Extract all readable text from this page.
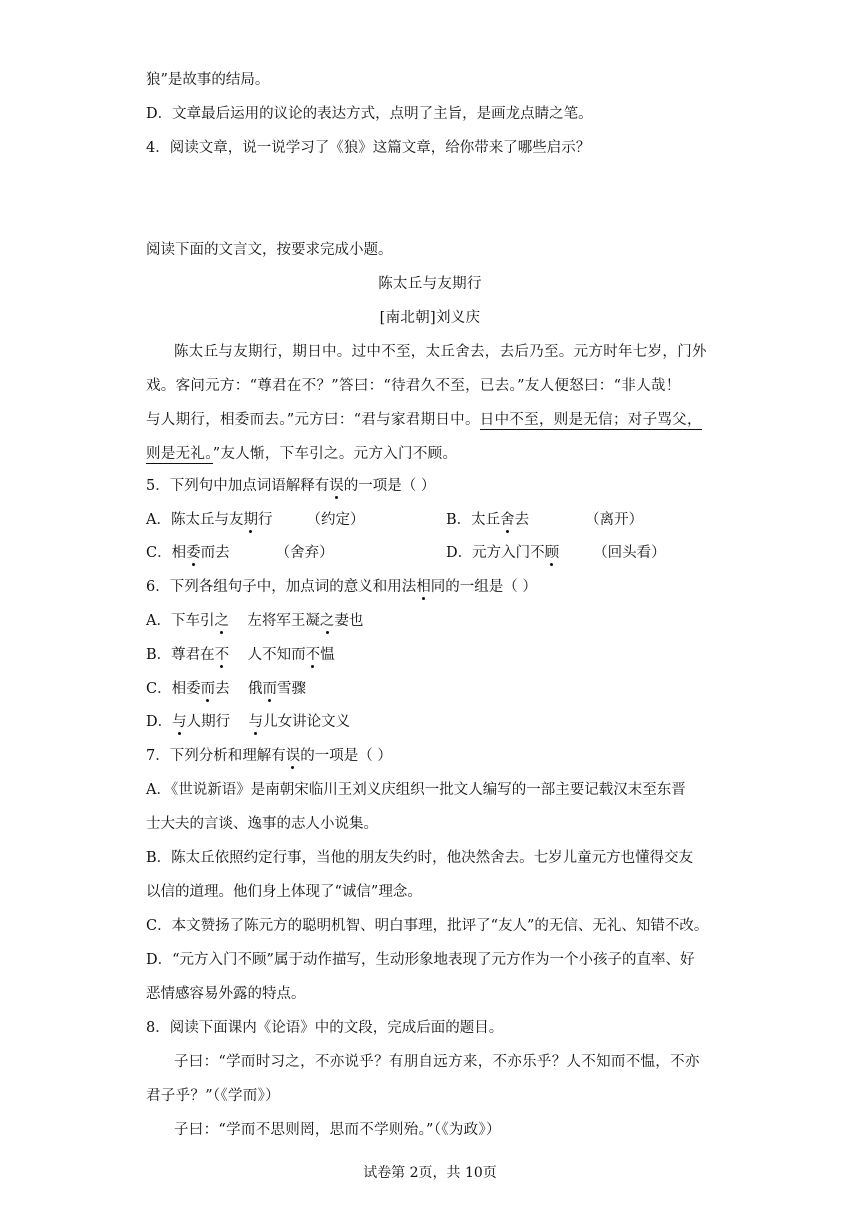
狼”是故事的结局。
D．文章最后运用的议论的表达方式，点明了主旨，是画龙点睛之笔。
4．阅读文章，说一说学习了《狼》这篇文章，给你带来了哪些启示？
阅读下面的文言文，按要求完成小题。
陈太丘与友期行
[南北朝]刘义庆
陈太丘与友期行，期日中。过中不至，太丘舍去，去后乃至。元方时年七岁，门外
戏。客问元方：“尊君在不？”答曰：“待君久不至，已去。”友人便怒曰：“非人哉！
与人期行，相委而去。”元方曰：“君与家君期日中。日中不至，则是无信；对子骂父，
则是无礼。”友人惭，下车引之。元方入门不顾。
5．下列句中加点词语解释有误的一项是（ ）
A．陈太丘与友期行 （约定）	B．太丘舍去	（离开）
C．相委而去	（舍弃）	D．元方入门不顾 （回头看）
6．下列各组句子中，加点词的意义和用法相同的一组是（ ）
A．下车引之    左将军王凝之妻也
B．尊君在不    人不知而不愠
C．相委而去    俄而雪骤
D．与人期行    与儿女讲论文义
7．下列分析和理解有误的一项是（ ）
A．《世说新语》是南朝宋临川王刘义庆组织一批文人编写的一部主要记载汉末至东晋
士大夫的言谈、逸事的志人小说集。
B．陈太丘依照约定行事，当他的朋友失约时，他决然舍去。七岁儿童元方也懂得交友
以信的道理。他们身上体现了“诚信”理念。
C．本文赞扬了陈元方的聪明机智、明白事理，批评了“友人”的无信、无礼、知错不改。
D．“元方入门不顾”属于动作描写，生动形象地表现了元方作为一个小孩子的直率、好
恶情感容易外露的特点。
8．阅读下面课内《论语》中的文段，完成后面的题目。
子曰：“学而时习之，不亦说乎？有朋自远方来，不亦乐乎？人不知而不愠，不亦
君子乎？”（《学而》）
子曰：“学而不思则罔，思而不学则殆。”（《为政》）
试卷第 2页，共 10页
